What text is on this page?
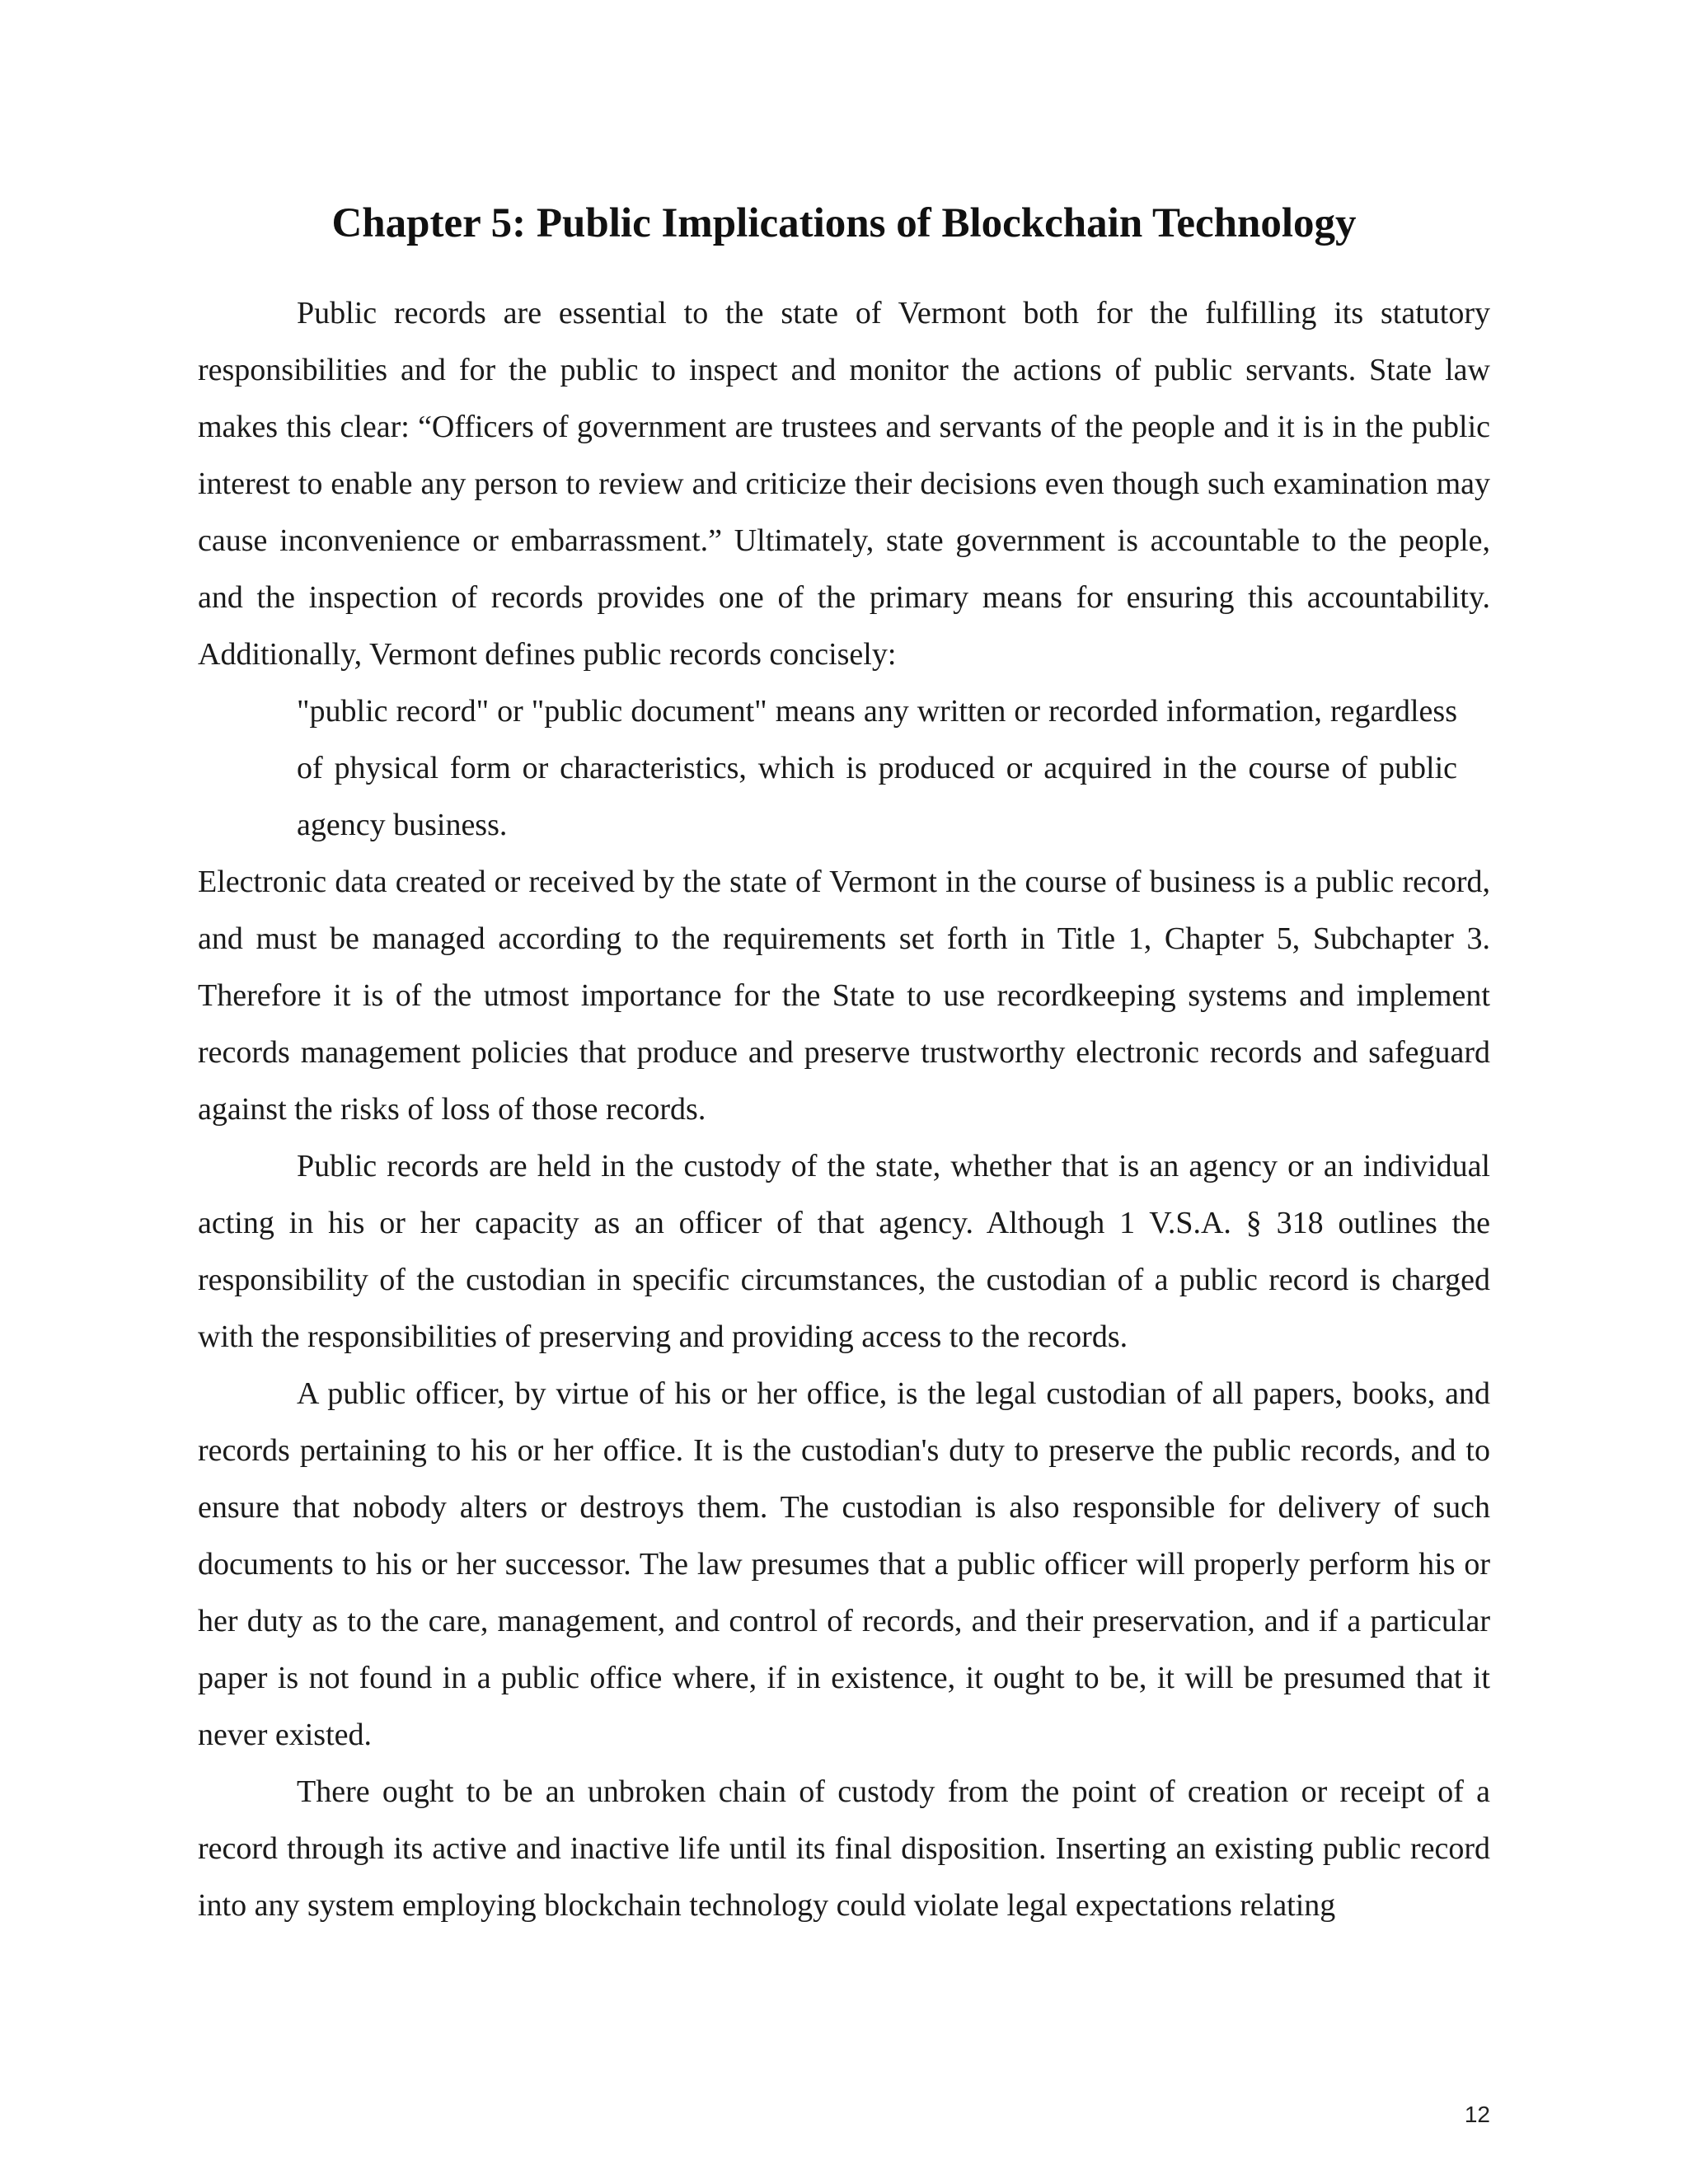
Chapter 5: Public Implications of Blockchain Technology

Public records are essential to the state of Vermont both for the fulfilling its statutory responsibilities and for the public to inspect and monitor the actions of public servants. State law makes this clear: “Officers of government are trustees and servants of the people and it is in the public interest to enable any person to review and criticize their decisions even though such examination may cause inconvenience or embarrassment.” Ultimately, state government is accountable to the people, and the inspection of records provides one of the primary means for ensuring this accountability. Additionally, Vermont defines public records concisely:

"public record" or "public document" means any written or recorded information, regardless of physical form or characteristics, which is produced or acquired in the course of public agency business.

Electronic data created or received by the state of Vermont in the course of business is a public record, and must be managed according to the requirements set forth in Title 1, Chapter 5, Subchapter 3. Therefore it is of the utmost importance for the State to use recordkeeping systems and implement records management policies that produce and preserve trustworthy electronic records and safeguard against the risks of loss of those records.

Public records are held in the custody of the state, whether that is an agency or an individual acting in his or her capacity as an officer of that agency. Although 1 V.S.A. § 318 outlines the responsibility of the custodian in specific circumstances, the custodian of a public record is charged with the responsibilities of preserving and providing access to the records.

A public officer, by virtue of his or her office, is the legal custodian of all papers, books, and records pertaining to his or her office. It is the custodian's duty to preserve the public records, and to ensure that nobody alters or destroys them. The custodian is also responsible for delivery of such documents to his or her successor. The law presumes that a public officer will properly perform his or her duty as to the care, management, and control of records, and their preservation, and if a particular paper is not found in a public office where, if in existence, it ought to be, it will be presumed that it never existed.

There ought to be an unbroken chain of custody from the point of creation or receipt of a record through its active and inactive life until its final disposition. Inserting an existing public record into any system employing blockchain technology could violate legal expectations relating

12
